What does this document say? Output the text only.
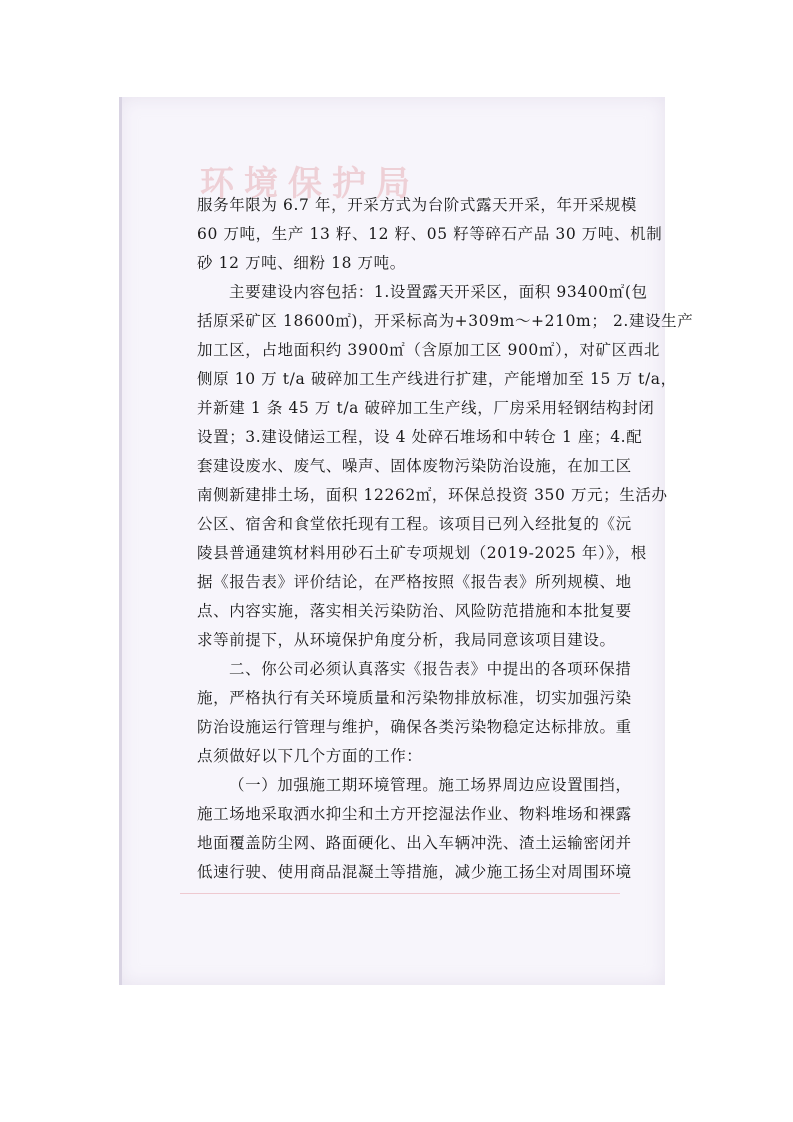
环境保护局
服务年限为 6.7 年，开采方式为台阶式露天开采，年开采规模
60 万吨，生产 13 籽、12 籽、05 籽等碎石产品 30 万吨、机制
砂 12 万吨、细粉 18 万吨。
主要建设内容包括：1.设置露天开采区，面积 93400㎡(包
括原采矿区 18600㎡)，开采标高为+309m～+210m； 2.建设生产
加工区，占地面积约 3900㎡（含原加工区 900㎡），对矿区西北
侧原 10 万 t/a 破碎加工生产线进行扩建，产能增加至 15 万 t/a，
并新建 1 条 45 万 t/a 破碎加工生产线，厂房采用轻钢结构封闭
设置；3.建设储运工程，设 4 处碎石堆场和中转仓 1 座；4.配
套建设废水、废气、噪声、固体废物污染防治设施，在加工区
南侧新建排土场，面积 12262㎡，环保总投资 350 万元；生活办
公区、宿舍和食堂依托现有工程。该项目已列入经批复的《沅
陵县普通建筑材料用砂石土矿专项规划（2019-2025 年）》，根
据《报告表》评价结论，在严格按照《报告表》所列规模、地
点、内容实施，落实相关污染防治、风险防范措施和本批复要
求等前提下，从环境保护角度分析，我局同意该项目建设。
二、你公司必须认真落实《报告表》中提出的各项环保措
施，严格执行有关环境质量和污染物排放标准，切实加强污染
防治设施运行管理与维护，确保各类污染物稳定达标排放。重
点须做好以下几个方面的工作：
（一）加强施工期环境管理。施工场界周边应设置围挡，
施工场地采取洒水抑尘和土方开挖湿法作业、物料堆场和裸露
地面覆盖防尘网、路面硬化、出入车辆冲洗、渣土运输密闭并
低速行驶、使用商品混凝土等措施，减少施工扬尘对周围环境
